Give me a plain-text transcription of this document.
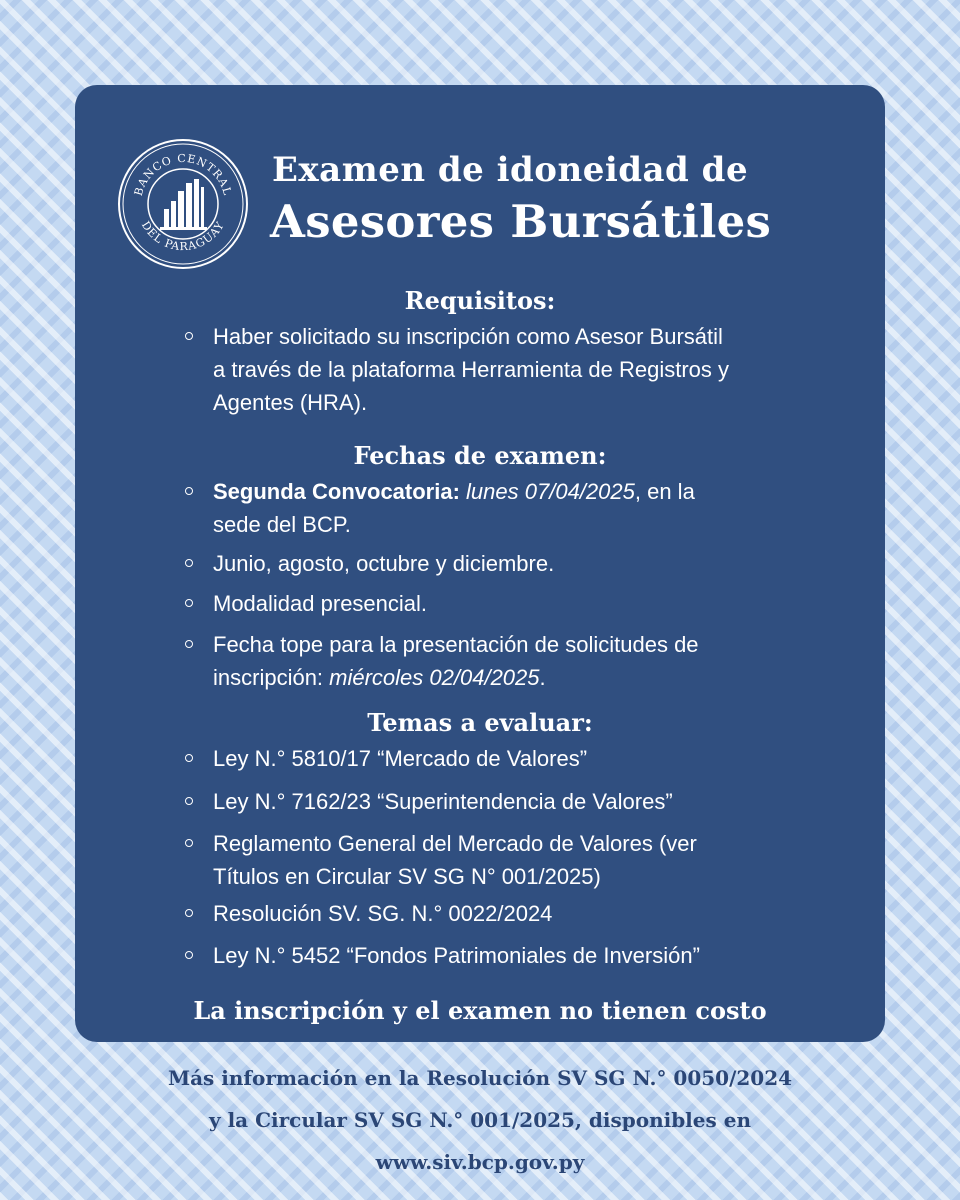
BANCO CENTRAL
DEL PARAGUAY
Examen de idoneidad de
Asesores Bursátiles
Requisitos:

Haber solicitado su inscripción como Asesor Bursátil a través de la plataforma Herramienta de Registros y Agentes (HRA).

Fechas de examen:

Segunda Convocatoria: lunes 07/04/2025, en la sede del BCP.

Junio, agosto, octubre y diciembre.

Modalidad presencial.

Fecha tope para la presentación de solicitudes de inscripción: miércoles 02/04/2025.

Temas a evaluar:

Ley N.° 5810/17 “Mercado de Valores”

Ley N.° 7162/23 “Superintendencia de Valores”

Reglamento General del Mercado de Valores (ver Títulos en Circular SV SG N° 001/2025)

Resolución SV. SG. N.° 0022/2024

Ley N.° 5452 “Fondos Patrimoniales de Inversión”

La inscripción y el examen no tienen costo

Más información en la Resolución SV SG N.° 0050/2024

y la Circular SV SG N.° 001/2025, disponibles en

www.siv.bcp.gov.py
